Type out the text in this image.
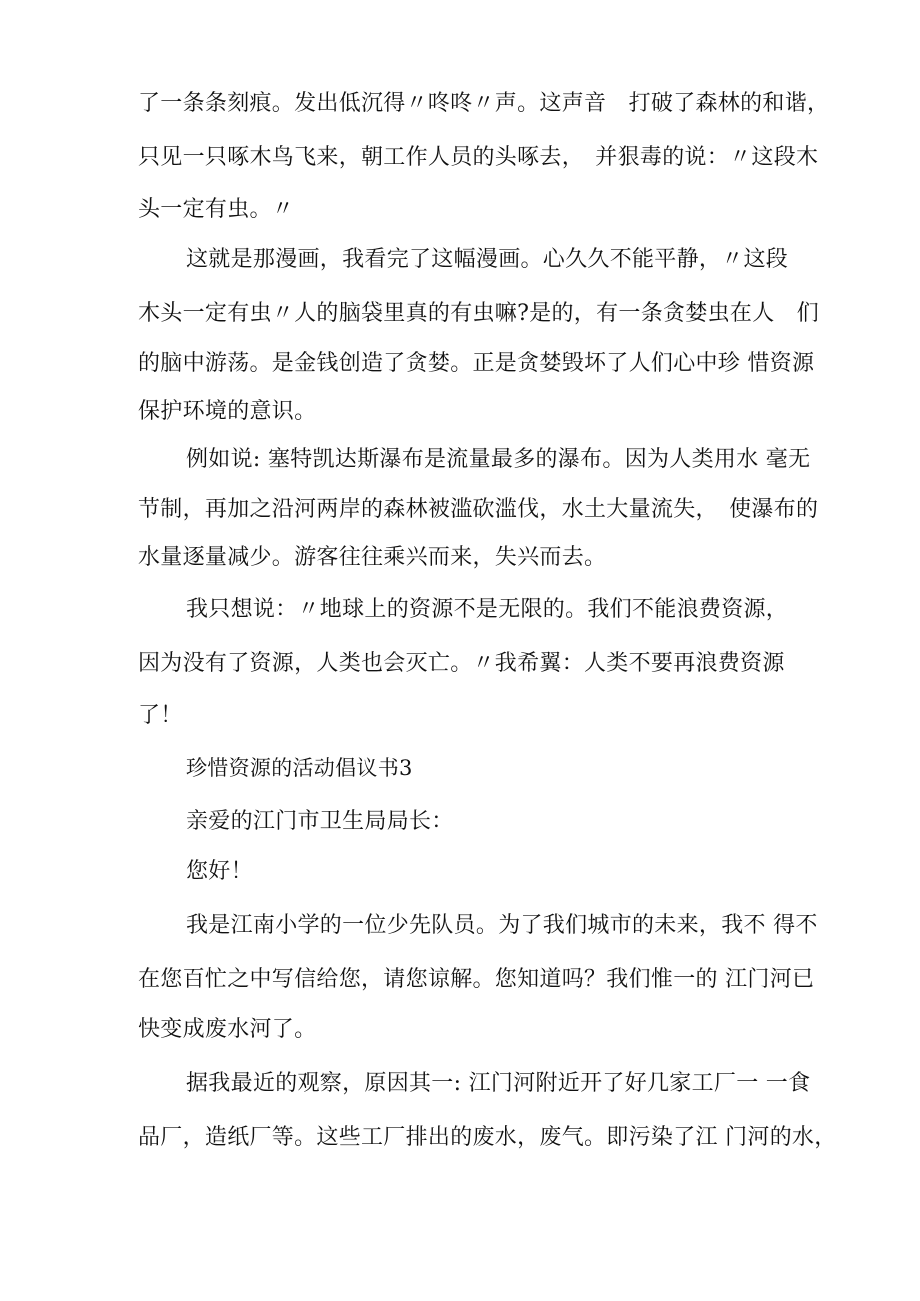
了一条条刻痕。发出低沉得〃咚咚〃声。这声音　打破了森林的和谐，
只见一只啄木鸟飞来，朝工作人员的头啄去，　并狠毒的说：〃这段木
头一定有虫。〃
这就是那漫画，我看完了这幅漫画。心久久不能平静，〃这段
木头一定有虫〃人的脑袋里真的有虫嘛?是的，有一条贪婪虫在人　们
的脑中游荡。是金钱创造了贪婪。正是贪婪毁坏了人们心中珍 惜资源
保护环境的意识。
例如说: 塞特凯达斯瀑布是流量最多的瀑布。因为人类用水 毫无
节制，再加之沿河两岸的森林被滥砍滥伐，水土大量流失，　使瀑布的
水量逐量减少。游客往往乘兴而来，失兴而去。
我只想说：〃地球上的资源不是无限的。我们不能浪费资源，
因为没有了资源，人类也会灭亡。〃我希翼：人类不要再浪费资源
了！
珍惜资源的活动倡议书3
亲爱的江门市卫生局局长：
您好！
我是江南小学的一位少先队员。为了我们城市的未来，我不 得不
在您百忙之中写信给您，请您谅解。您知道吗？我们惟一的 江门河已
快变成废水河了。
据我最近的观察，原因其一: 江门河附近开了好几家工厂一 一食
品厂，造纸厂等。这些工厂排出的废水，废气。即污染了江 门河的水，
